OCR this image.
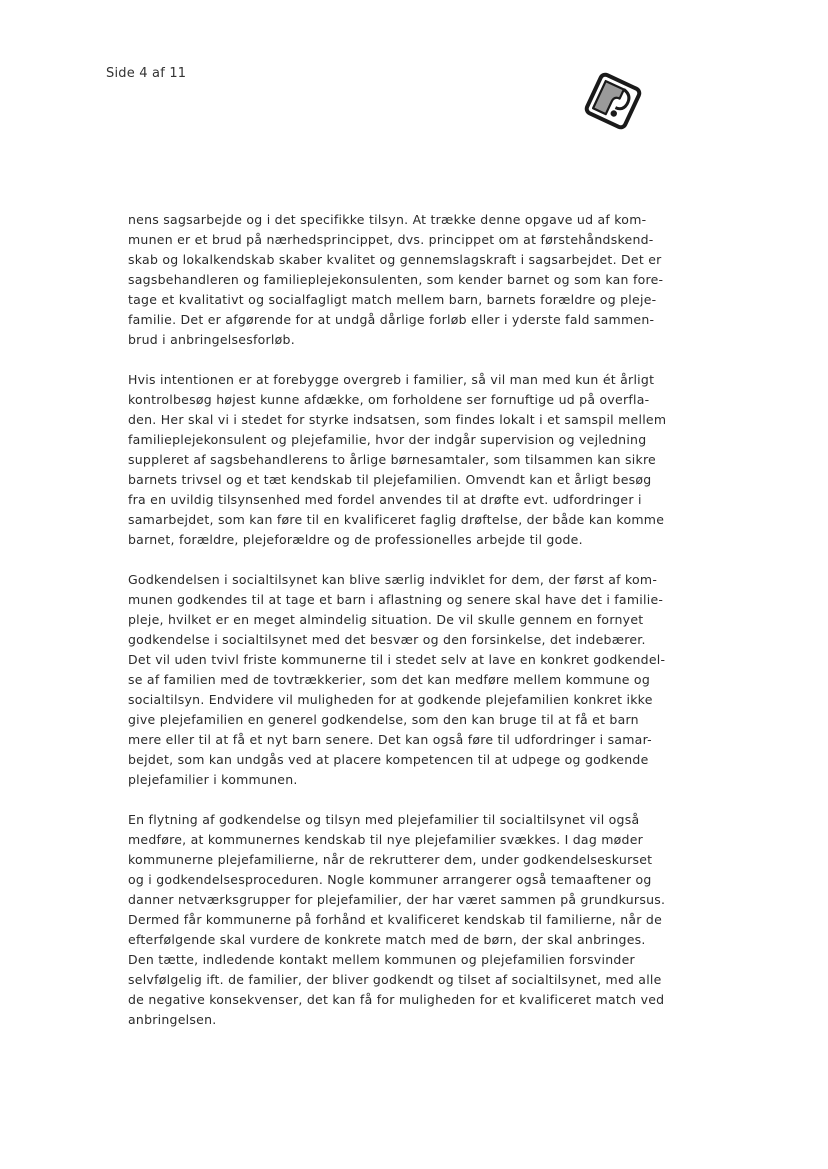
Side 4 af 11

nens sagsarbejde og i det specifikke tilsyn. At trække denne opgave ud af kom-
munen er et brud på nærhedsprincippet, dvs. princippet om at førstehåndskend-
skab og lokalkendskab skaber kvalitet og gennemslagskraft i sagsarbejdet. Det er
sagsbehandleren og familieplejekonsulenten, som kender barnet og som kan fore-
tage et kvalitativt og socialfagligt match mellem barn, barnets forældre og pleje-
familie. Det er afgørende for at undgå dårlige forløb eller i yderste fald sammen-
brud i anbringelsesforløb.

Hvis intentionen er at forebygge overgreb i familier, så vil man med kun ét årligt
kontrolbesøg højest kunne afdække, om forholdene ser fornuftige ud på overfla-
den. Her skal vi i stedet for styrke indsatsen, som findes lokalt i et samspil mellem
familieplejekonsulent og plejefamilie, hvor der indgår supervision og vejledning
suppleret af sagsbehandlerens to årlige børnesamtaler, som tilsammen kan sikre
barnets trivsel og et tæt kendskab til plejefamilien. Omvendt kan et årligt besøg
fra en uvildig tilsynsenhed med fordel anvendes til at drøfte evt. udfordringer i
samarbejdet, som kan føre til en kvalificeret faglig drøftelse, der både kan komme
barnet, forældre, plejeforældre og de professionelles arbejde til gode.

Godkendelsen i socialtilsynet kan blive særlig indviklet for dem, der først af kom-
munen godkendes til at tage et barn i aflastning og senere skal have det i familie-
pleje, hvilket er en meget almindelig situation. De vil skulle gennem en fornyet
godkendelse i socialtilsynet med det besvær og den forsinkelse, det indebærer.
Det vil uden tvivl friste kommunerne til i stedet selv at lave en konkret godkendel-
se af familien med de tovtrækkerier, som det kan medføre mellem kommune og
socialtilsyn. Endvidere vil muligheden for at godkende plejefamilien konkret ikke
give plejefamilien en generel godkendelse, som den kan bruge til at få et barn
mere eller til at få et nyt barn senere. Det kan også føre til udfordringer i samar-
bejdet, som kan undgås ved at placere kompetencen til at udpege og godkende
plejefamilier i kommunen.

En flytning af godkendelse og tilsyn med plejefamilier til socialtilsynet vil også
medføre, at kommunernes kendskab til nye plejefamilier svækkes. I dag møder
kommunerne plejefamilierne, når de rekrutterer dem, under godkendelseskurset
og i godkendelsesproceduren. Nogle kommuner arrangerer også temaaftener og
danner netværksgrupper for plejefamilier, der har været sammen på grundkursus.
Dermed får kommunerne på forhånd et kvalificeret kendskab til familierne, når de
efterfølgende skal vurdere de konkrete match med de børn, der skal anbringes.
Den tætte, indledende kontakt mellem kommunen og plejefamilien forsvinder
selvfølgelig ift. de familier, der bliver godkendt og tilset af socialtilsynet, med alle
de negative konsekvenser, det kan få for muligheden for et kvalificeret match ved
anbringelsen.
